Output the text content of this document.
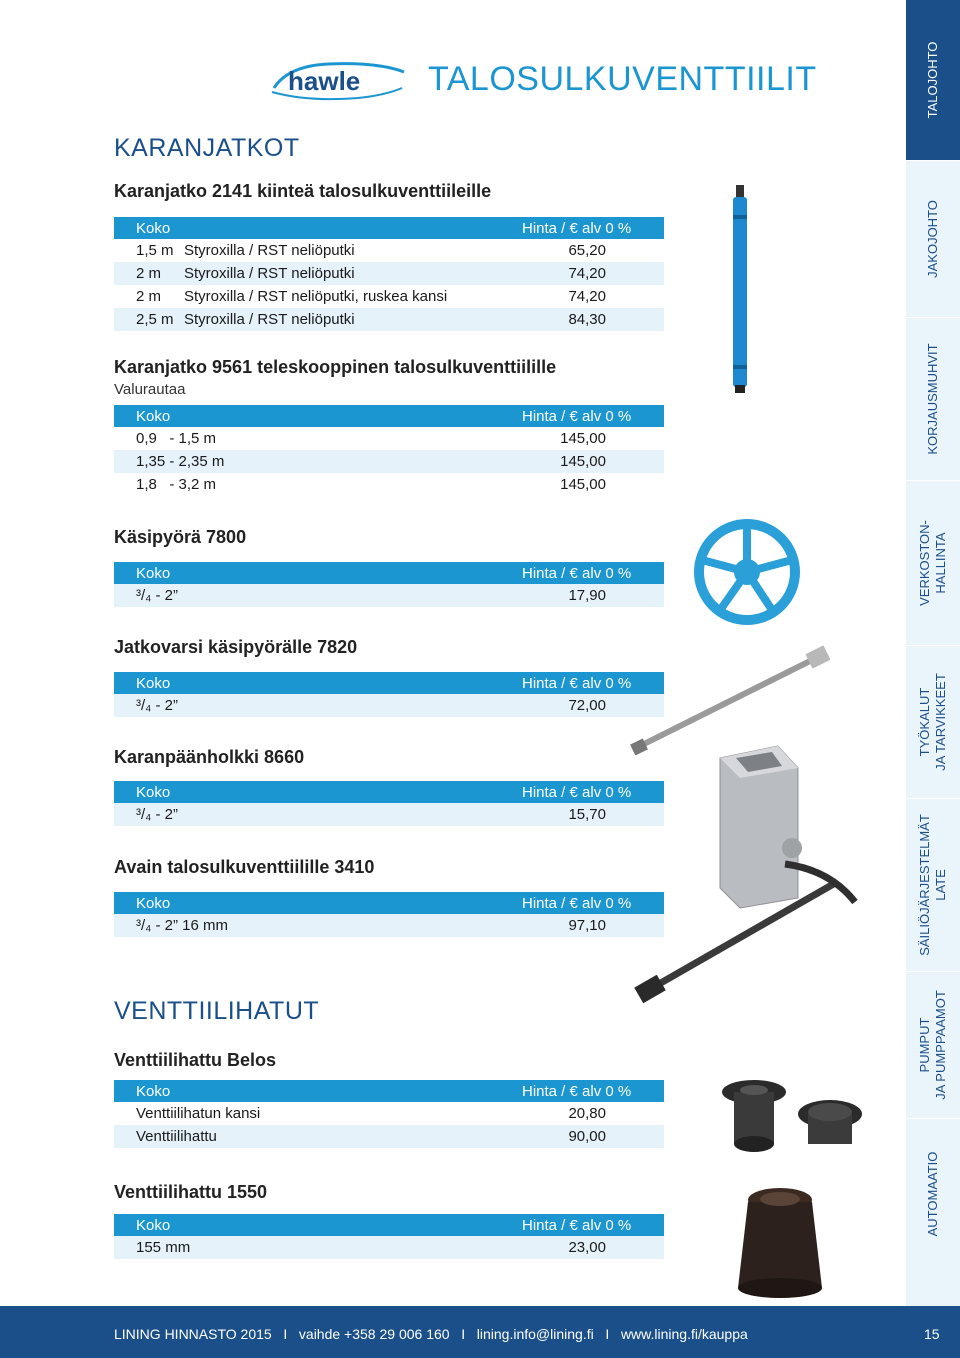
hawle TALOSULKUVENTTIILIT
KARANJATKOT
Karanjatko 2141 kiinteä talosulkuventtiileille
Koko	Hinta / € alv 0 %
1,5 m Styroxilla / RST neliöputki	65,20
2 m Styroxilla / RST neliöputki	74,20
2 m Styroxilla / RST neliöputki, ruskea kansi	74,20
2,5 m Styroxilla / RST neliöputki	84,30
Karanjatko 9561 teleskooppinen talosulkuventtiilille
Valurautaa
Koko	Hinta / € alv 0 %
0,9   - 1,5 m	145,00
1,35 - 2,35 m	145,00
1,8   - 3,2 m	145,00
Käsipyörä 7800
Koko	Hinta / € alv 0 %
³/₄ - 2”	17,90
Jatkovarsi käsipyörälle 7820
Koko	Hinta / € alv 0 %
³/₄ - 2”	72,00
Karanpäänholkki 8660
Koko	Hinta / € alv 0 %
³/₄ - 2”	15,70
Avain talosulkuventtiilille 3410
Koko	Hinta / € alv 0 %
³/₄ - 2” 16 mm	97,10
VENTTIILIHATUT
Venttiilihattu Belos
Koko	Hinta / € alv 0 %
Venttiilihatun kansi	20,80
Venttiilihattu	90,00
Venttiilihattu 1550
Koko	Hinta / € alv 0 %
155 mm	23,00
TALOJOHTO
JAKOJOHTO
KORJAUSMUHVIT
VERKOSTON-
HALLINTA
TYÖKALUT
JA TARVIKKEET
SÄILIÖJÄRJESTELMÄT
LATE
PUMPUT
JA PUMPPAAMOT
AUTOMAATIO
LINING HINNASTO 2015   I   vaihde +358 29 006 160   I   lining.info@lining.fi   I   www.lining.fi/kauppa	15
